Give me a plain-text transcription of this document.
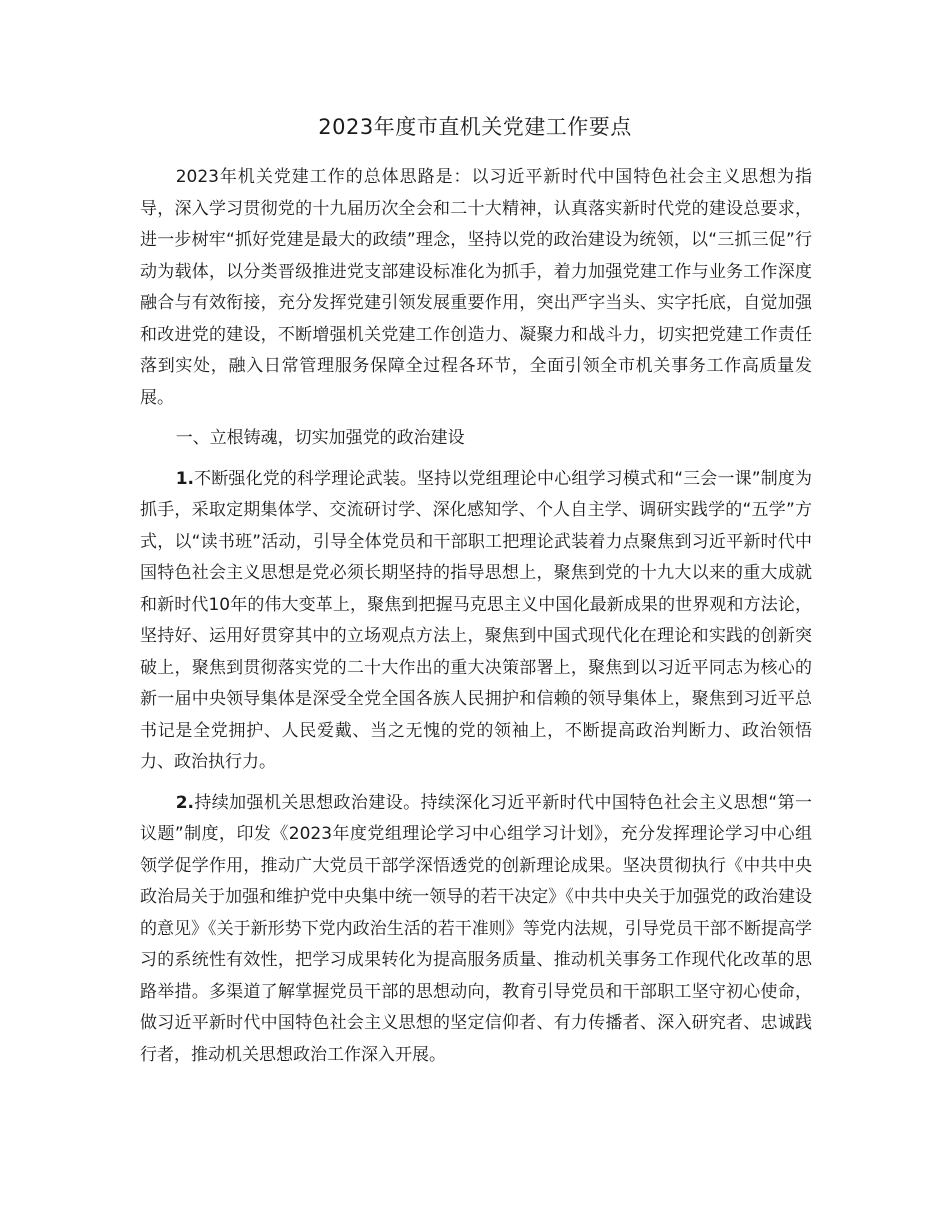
2023年度市直机关党建工作要点

2023年机关党建工作的总体思路是：以习近平新时代中国特色社会主义思想为指导，深入学习贯彻党的十九届历次全会和二十大精神，认真落实新时代党的建设总要求，进一步树牢“抓好党建是最大的政绩”理念，坚持以党的政治建设为统领，以“三抓三促”行动为载体，以分类晋级推进党支部建设标准化为抓手，着力加强党建工作与业务工作深度融合与有效衔接，充分发挥党建引领发展重要作用，突出严字当头、实字托底，自觉加强和改进党的建设，不断增强机关党建工作创造力、凝聚力和战斗力，切实把党建工作责任落到实处，融入日常管理服务保障全过程各环节，全面引领全市机关事务工作高质量发展。

一、立根铸魂，切实加强党的政治建设

1.不断强化党的科学理论武装。坚持以党组理论中心组学习模式和“三会一课”制度为抓手，采取定期集体学、交流研讨学、深化感知学、个人自主学、调研实践学的“五学”方式，以“读书班”活动，引导全体党员和干部职工把理论武装着力点聚焦到习近平新时代中国特色社会主义思想是党必须长期坚持的指导思想上，聚焦到党的十九大以来的重大成就和新时代10年的伟大变革上，聚焦到把握马克思主义中国化最新成果的世界观和方法论，坚持好、运用好贯穿其中的立场观点方法上，聚焦到中国式现代化在理论和实践的创新突破上，聚焦到贯彻落实党的二十大作出的重大决策部署上，聚焦到以习近平同志为核心的新一届中央领导集体是深受全党全国各族人民拥护和信赖的领导集体上，聚焦到习近平总书记是全党拥护、人民爱戴、当之无愧的党的领袖上，不断提高政治判断力、政治领悟力、政治执行力。

2.持续加强机关思想政治建设。持续深化习近平新时代中国特色社会主义思想“第一议题”制度，印发《2023年度党组理论学习中心组学习计划》，充分发挥理论学习中心组领学促学作用，推动广大党员干部学深悟透党的创新理论成果。坚决贯彻执行《中共中央政治局关于加强和维护党中央集中统一领导的若干决定》《中共中央关于加强党的政治建设的意见》《关于新形势下党内政治生活的若干准则》等党内法规，引导党员干部不断提高学习的系统性有效性，把学习成果转化为提高服务质量、推动机关事务工作现代化改革的思路举措。多渠道了解掌握党员干部的思想动向，教育引导党员和干部职工坚守初心使命，做习近平新时代中国特色社会主义思想的坚定信仰者、有力传播者、深入研究者、忠诚践行者，推动机关思想政治工作深入开展。
